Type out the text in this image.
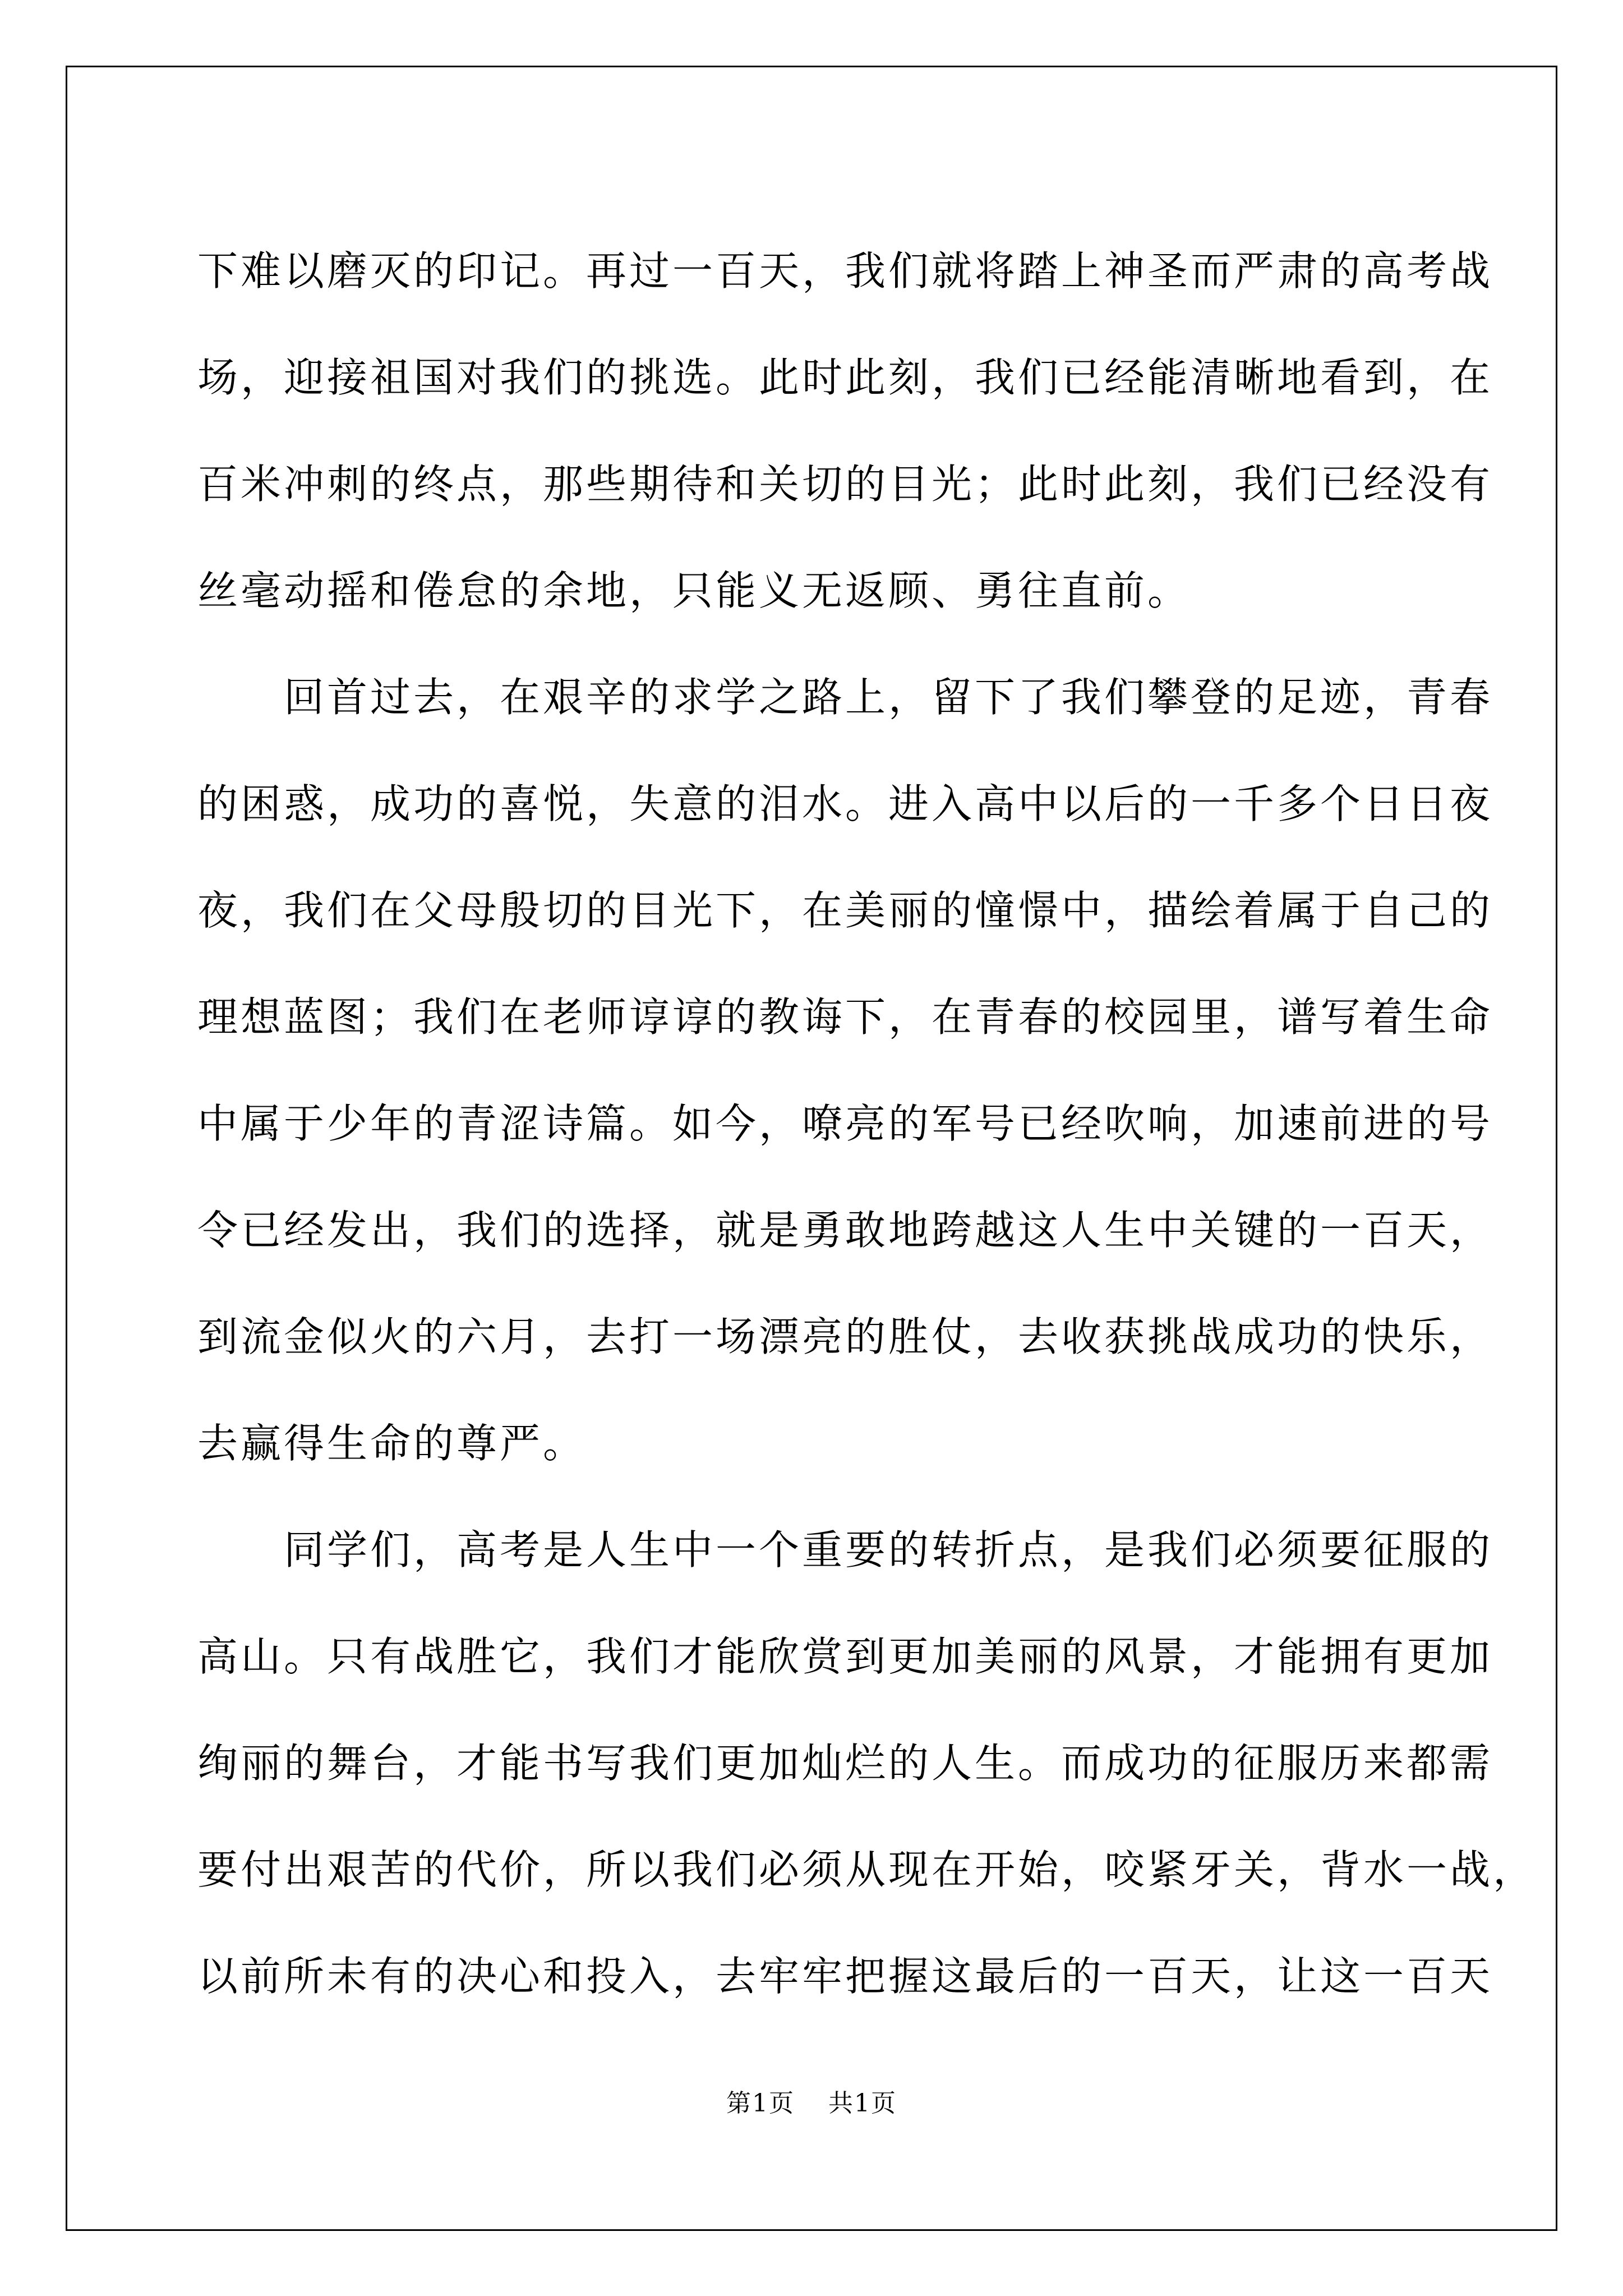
下难以磨灭的印记。再过一百天，我们就将踏上神圣而严肃的高考战
场，迎接祖国对我们的挑选。此时此刻，我们已经能清晰地看到，在
百米冲刺的终点，那些期待和关切的目光；此时此刻，我们已经没有
丝毫动摇和倦怠的余地，只能义无返顾、勇往直前。
　　回首过去，在艰辛的求学之路上，留下了我们攀登的足迹，青春
的困惑，成功的喜悦，失意的泪水。进入高中以后的一千多个日日夜
夜，我们在父母殷切的目光下，在美丽的憧憬中，描绘着属于自己的
理想蓝图；我们在老师谆谆的教诲下，在青春的校园里，谱写着生命
中属于少年的青涩诗篇。如今，嘹亮的军号已经吹响，加速前进的号
令已经发出，我们的选择，就是勇敢地跨越这人生中关键的一百天，
到流金似火的六月，去打一场漂亮的胜仗，去收获挑战成功的快乐，
去赢得生命的尊严。
　　同学们，高考是人生中一个重要的转折点，是我们必须要征服的
高山。只有战胜它，我们才能欣赏到更加美丽的风景，才能拥有更加
绚丽的舞台，才能书写我们更加灿烂的人生。而成功的征服历来都需
要付出艰苦的代价，所以我们必须从现在开始，咬紧牙关，背水一战，
以前所未有的决心和投入，去牢牢把握这最后的一百天，让这一百天
第1页 共1页
